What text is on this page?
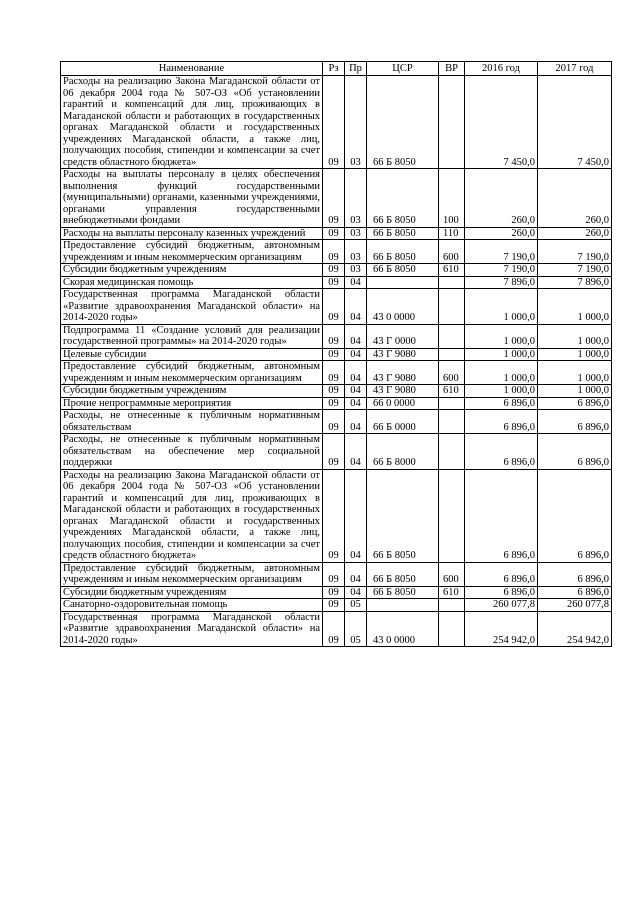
Наименование	Рз	Пр	ЦСР	ВР	2016 год	2017 год
Расходы на реализацию Закона Магаданской области от 06 декабря 2004 года № 507-ОЗ «Об установлении гарантий и компенсаций для лиц, проживающих в Магаданской области и работающих в государственных органах Магаданской области и государственных учреждениях Магаданской области, а также лиц, получающих пособия, стипендии и компенсации за счет средств областного бюджета»	09	03	66 Б 8050		7 450,0	7 450,0
Расходы на выплаты персоналу в целях обеспечения выполнения функций государственными (муниципальными) органами, казенными учреждениями, органами управления государственными внебюджетными фондами	09	03	66 Б 8050	100	260,0	260,0
Расходы на выплаты персоналу казенных учреждений	09	03	66 Б 8050	110	260,0	260,0
Предоставление субсидий бюджетным, автономным учреждениям и иным некоммерческим организациям	09	03	66 Б 8050	600	7 190,0	7 190,0
Субсидии бюджетным учреждениям	09	03	66 Б 8050	610	7 190,0	7 190,0
Скорая медицинская помощь	09	04			7 896,0	7 896,0
Государственная программа Магаданской области «Развитие здравоохранения Магаданской области» на 2014-2020 годы»	09	04	43 0 0000		1 000,0	1 000,0
Подпрограмма 11 «Создание условий для реализации государственной программы» на 2014-2020 годы»	09	04	43 Г 0000		1 000,0	1 000,0
Целевые субсидии	09	04	43 Г 9080		1 000,0	1 000,0
Предоставление субсидий бюджетным, автономным учреждениям и иным некоммерческим организациям	09	04	43 Г 9080	600	1 000,0	1 000,0
Субсидии бюджетным учреждениям	09	04	43 Г 9080	610	1 000,0	1 000,0
Прочие непрограммные мероприятия	09	04	66 0 0000		6 896,0	6 896,0
Расходы, не отнесенные к публичным нормативным обязательствам	09	04	66 Б 0000		6 896,0	6 896,0
Расходы, не отнесенные к публичным нормативным обязательствам на обеспечение мер социальной поддержки	09	04	66 Б 8000		6 896,0	6 896,0
Расходы на реализацию Закона Магаданской области от 06 декабря 2004 года № 507-ОЗ «Об установлении гарантий и компенсаций для лиц, проживающих в Магаданской области и работающих в государственных органах Магаданской области и государственных учреждениях Магаданской области, а также лиц, получающих пособия, стипендии и компенсации за счет средств областного бюджета»	09	04	66 Б 8050		6 896,0	6 896,0
Предоставление субсидий бюджетным, автономным учреждениям и иным некоммерческим организациям	09	04	66 Б 8050	600	6 896,0	6 896,0
Субсидии бюджетным учреждениям	09	04	66 Б 8050	610	6 896,0	6 896,0
Санаторно-оздоровительная помощь	09	05			260 077,8	260 077,8
Государственная программа Магаданской области «Развитие здравоохранения Магаданской области» на 2014-2020 годы»	09	05	43 0 0000		254 942,0	254 942,0
